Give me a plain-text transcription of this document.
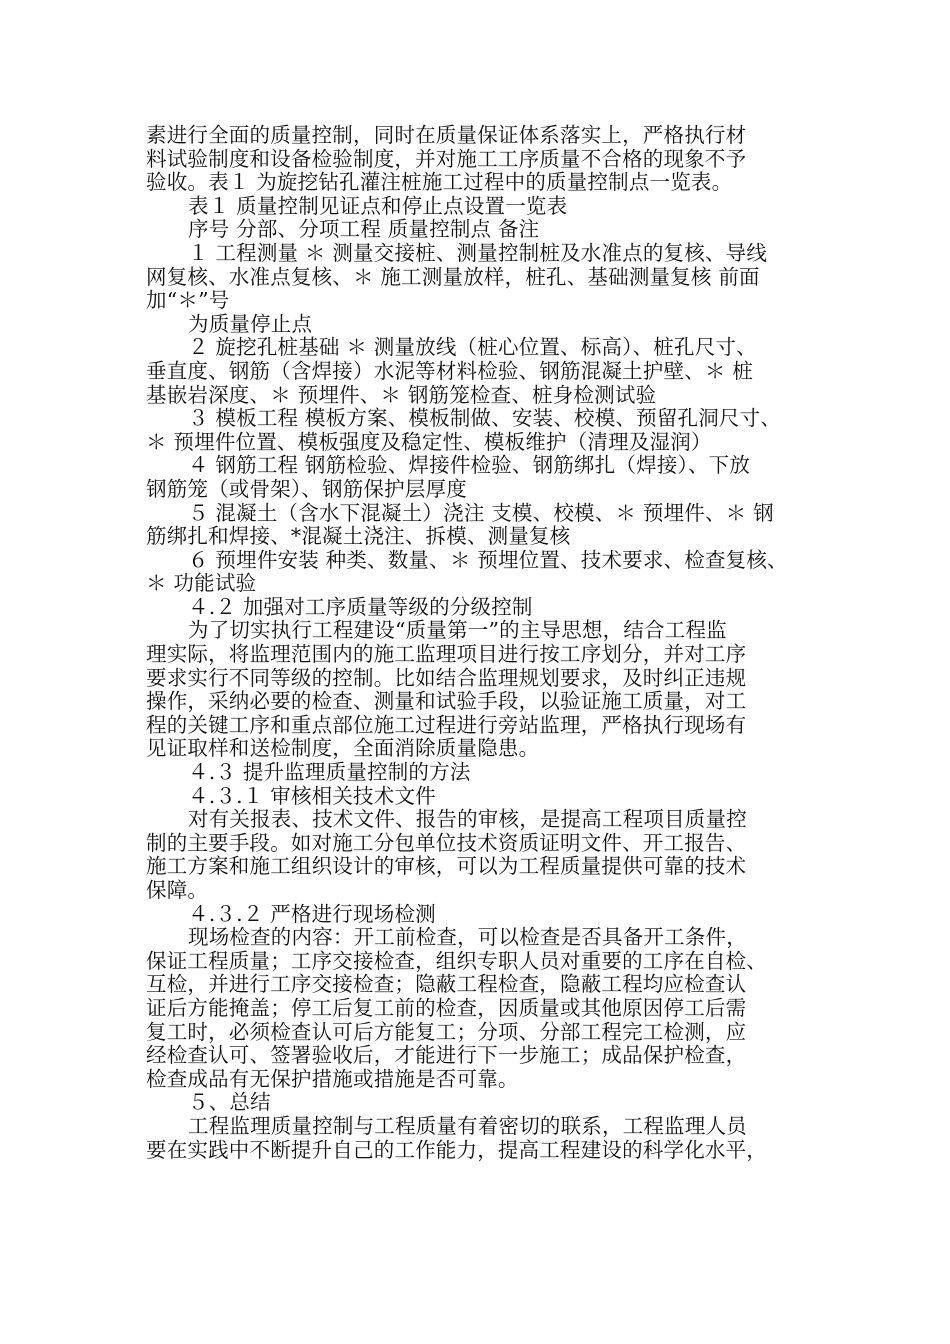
素进行全面的质量控制，同时在质量保证体系落实上，严格执行材
料试验制度和设备检验制度，并对施工工序质量不合格的现象不予
验收。表１ 为旋挖钻孔灌注桩施工过程中的质量控制点一览表。
表１ 质量控制见证点和停止点设置一览表
序号 分部、分项工程 质量控制点 备注
１ 工程测量 ＊ 测量交接桩、测量控制桩及水准点的复核、导线
网复核、水准点复核、＊ 施工测量放样，桩孔、基础测量复核 前面
加“＊”号
为质量停止点
２ 旋挖孔桩基础 ＊ 测量放线（桩心位置、标高）、桩孔尺寸、
垂直度、钢筋（含焊接）水泥等材料检验、钢筋混凝土护壁、＊ 桩
基嵌岩深度、＊ 预埋件、＊ 钢筋笼检查、桩身检测试验
３ 模板工程 模板方案、模板制做、安装、校模、预留孔洞尺寸、
＊ 预埋件位置、模板强度及稳定性、模板维护（清理及湿润）
４ 钢筋工程 钢筋检验、焊接件检验、钢筋绑扎（焊接）、下放
钢筋笼（或骨架）、钢筋保护层厚度
５ 混凝土（含水下混凝土）浇注 支模、校模、＊ 预埋件、＊ 钢
筋绑扎和焊接、*混凝土浇注、拆模、测量复核
６ 预埋件安装 种类、数量、＊ 预埋位置、技术要求、检查复核、
＊ 功能试验
４.２ 加强对工序质量等级的分级控制
为了切实执行工程建设“质量第一”的主导思想，结合工程监
理实际，将监理范围内的施工监理项目进行按工序划分，并对工序
要求实行不同等级的控制。比如结合监理规划要求，及时纠正违规
操作，采纳必要的检查、测量和试验手段，以验证施工质量，对工
程的关键工序和重点部位施工过程进行旁站监理，严格执行现场有
见证取样和送检制度，全面消除质量隐患。
４.３ 提升监理质量控制的方法
４.３.１ 审核相关技术文件
对有关报表、技术文件、报告的审核，是提高工程项目质量控
制的主要手段。如对施工分包单位技术资质证明文件、开工报告、
施工方案和施工组织设计的审核，可以为工程质量提供可靠的技术
保障。
４.３.２ 严格进行现场检测
现场检查的内容：开工前检查，可以检查是否具备开工条件，
保证工程质量；工序交接检查，组织专职人员对重要的工序在自检、
互检，并进行工序交接检查；隐蔽工程检查，隐蔽工程均应检查认
证后方能掩盖；停工后复工前的检查，因质量或其他原因停工后需
复工时，必须检查认可后方能复工；分项、分部工程完工检测，应
经检查认可、签署验收后，才能进行下一步施工；成品保护检查，
检查成品有无保护措施或措施是否可靠。
５、总结
工程监理质量控制与工程质量有着密切的联系，工程监理人员
要在实践中不断提升自己的工作能力，提高工程建设的科学化水平，
